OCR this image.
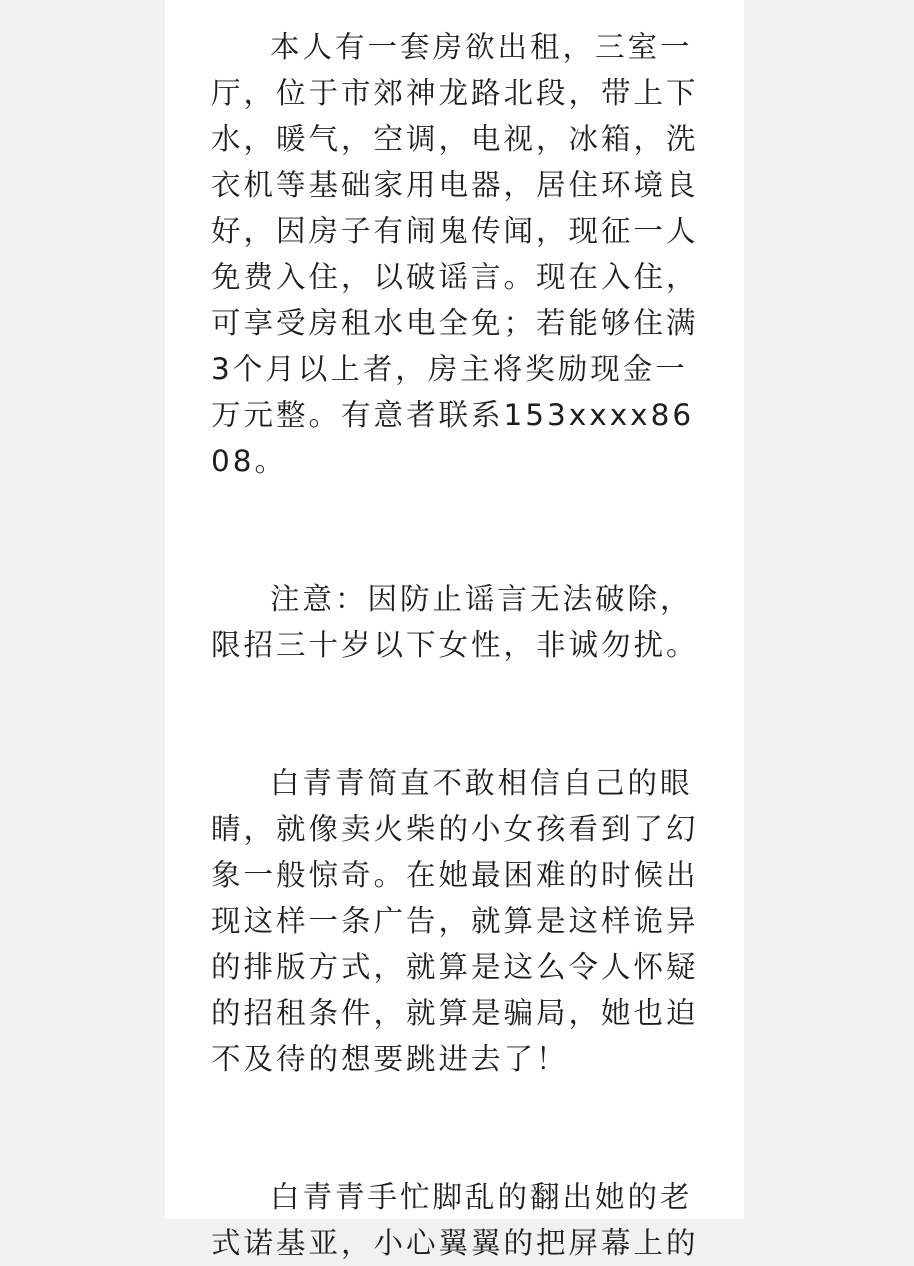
本人有一套房欲出租，三室一厅，位于市郊神龙路北段，带上下水，暖气，空调，电视，冰箱，洗衣机等基础家用电器，居住环境良好，因房子有闹鬼传闻，现征一人免费入住，以破谣言。现在入住，可享受房租水电全免；若能够住满3个月以上者，房主将奖励现金一万元整。有意者联系153xxxx8608。

注意：因防止谣言无法破除，限招三十岁以下女性，非诚勿扰。

白青青简直不敢相信自己的眼睛，就像卖火柴的小女孩看到了幻象一般惊奇。在她最困难的时候出现这样一条广告，就算是这样诡异的排版方式，就算是这么令人怀疑的招租条件，就算是骗局，她也迫不及待的想要跳进去了！

白青青手忙脚乱的翻出她的老式诺基亚，小心翼翼的把屏幕上的
